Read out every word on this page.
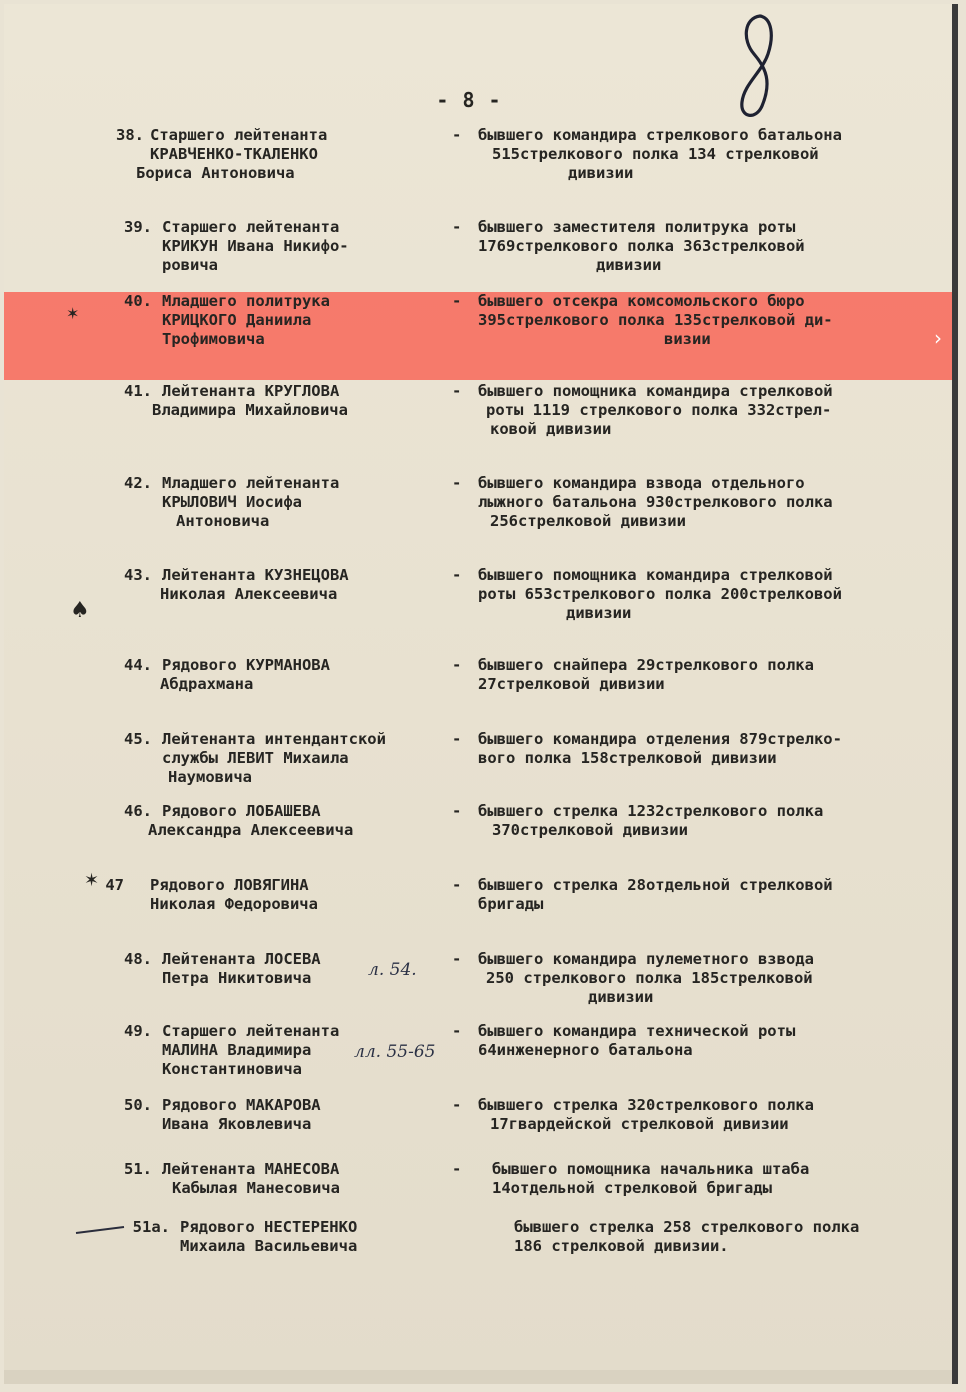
- 8 -
38. Старшего лейтенанта
КРАВЧЕНКО-ТКАЛЕНКО
Бориса Антоновича
- бывшего командира стрелкового батальона
515стрелкового полка 134 стрелковой
дивизии
39. Старшего лейтенанта
КРИКУН Ивана Никифо-
ровича
- бывшего заместителя политрука роты
1769стрелкового полка 363стрелковой
дивизии
40. Младшего политрука
КРИЦКОГО Даниила
Трофимовича
- бывшего отсекра комсомольского бюро
395стрелкового полка 135стрелковой ди-
визии
41. Лейтенанта КРУГЛОВА
Владимира Михайловича
- бывшего помощника командира стрелковой
роты 1119 стрелкового полка 332стрел-
ковой дивизии
42. Младшего лейтенанта
КРЫЛОВИЧ Иосифа
Антоновича
- бывшего командира взвода отдельного
лыжного батальона 930стрелкового полка
256стрелковой дивизии
43. Лейтенанта КУЗНЕЦОВА
Николая Алексеевича
- бывшего помощника командира стрелковой
роты 653стрелкового полка 200стрелковой
дивизии
44. Рядового КУРМАНОВА
Абдрахмана
- бывшего снайпера 29стрелкового полка
27стрелковой дивизии
45. Лейтенанта интендантской
службы ЛЕВИТ Михаила
Наумовича
- бывшего командира отделения 879стрелко-
вого полка 158стрелковой дивизии
46. Рядового ЛОБАШЕВА
Александра Алексеевича
- бывшего стрелка 1232стрелкового полка
370стрелковой дивизии
47 Рядового ЛОВЯГИНА
Николая Федоровича
- бывшего стрелка 28отдельной стрелковой
бригады
48. Лейтенанта ЛОСЕВА
Петра Никитовича
- бывшего командира пулеметного взвода
250 стрелкового полка 185стрелковой
дивизии
49. Старшего лейтенанта
МАЛИНА Владимира
Константиновича
- бывшего командира технической роты
64инженерного батальона
50. Рядового МАКАРОВА
Ивана Яковлевича
- бывшего стрелка 320стрелкового полка
17гвардейской стрелковой дивизии
51. Лейтенанта МАНЕСОВА
Кабылая Манесовича
- бывшего помощника начальника штаба
14отдельной стрелковой бригады
51а. Рядового НЕСТЕРЕНКО
Михаила Васильевича
бывшего стрелка 258 стрелкового полка
186 стрелковой дивизии.
›
✶
♠
✶
л. 54.
лл. 55-65
